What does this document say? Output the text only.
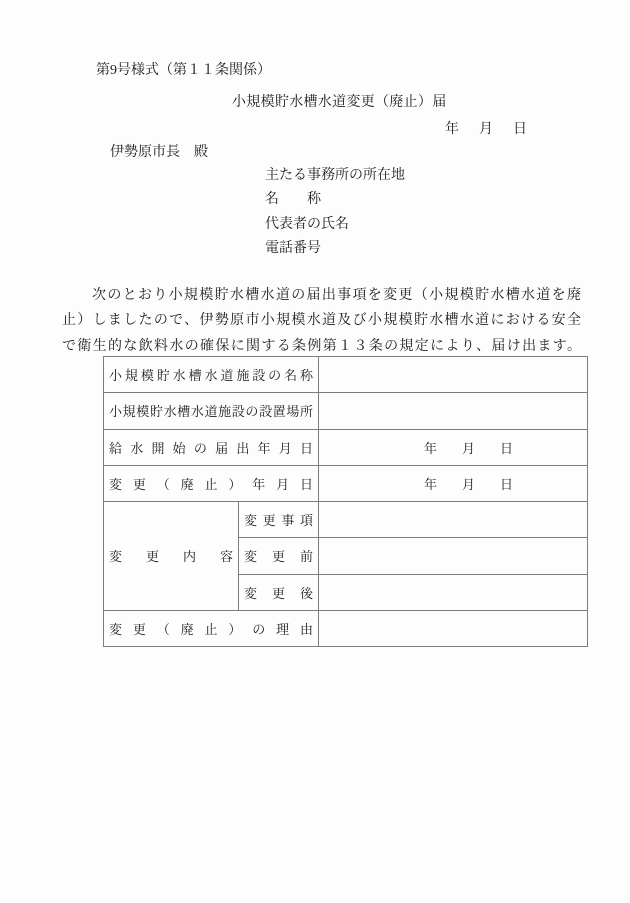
第9号様式（第１１条関係）
小規模貯水槽水道変更（廃止）届
年 月 日
伊勢原市長　殿
主たる事務所の所在地
名　　称
代表者の氏名
電話番号
次のとおり小規模貯水槽水道の届出事項を変更（小規模貯水槽水道を廃
止）しましたので、伊勢原市小規模水道及び小規模貯水槽水道における安全
で衛生的な飲料水の確保に関する条例第１３条の規定により、届け出ます。
小規模貯水槽水道施設の名称		
小規模貯水槽水道施設の設置場所		
給水開始の届出年月日		年 月 日

変更（廃止）年月日		年 月 日

変更内容	変更事項	
	変更前	
	変更後	
変更（廃止）の理由		
